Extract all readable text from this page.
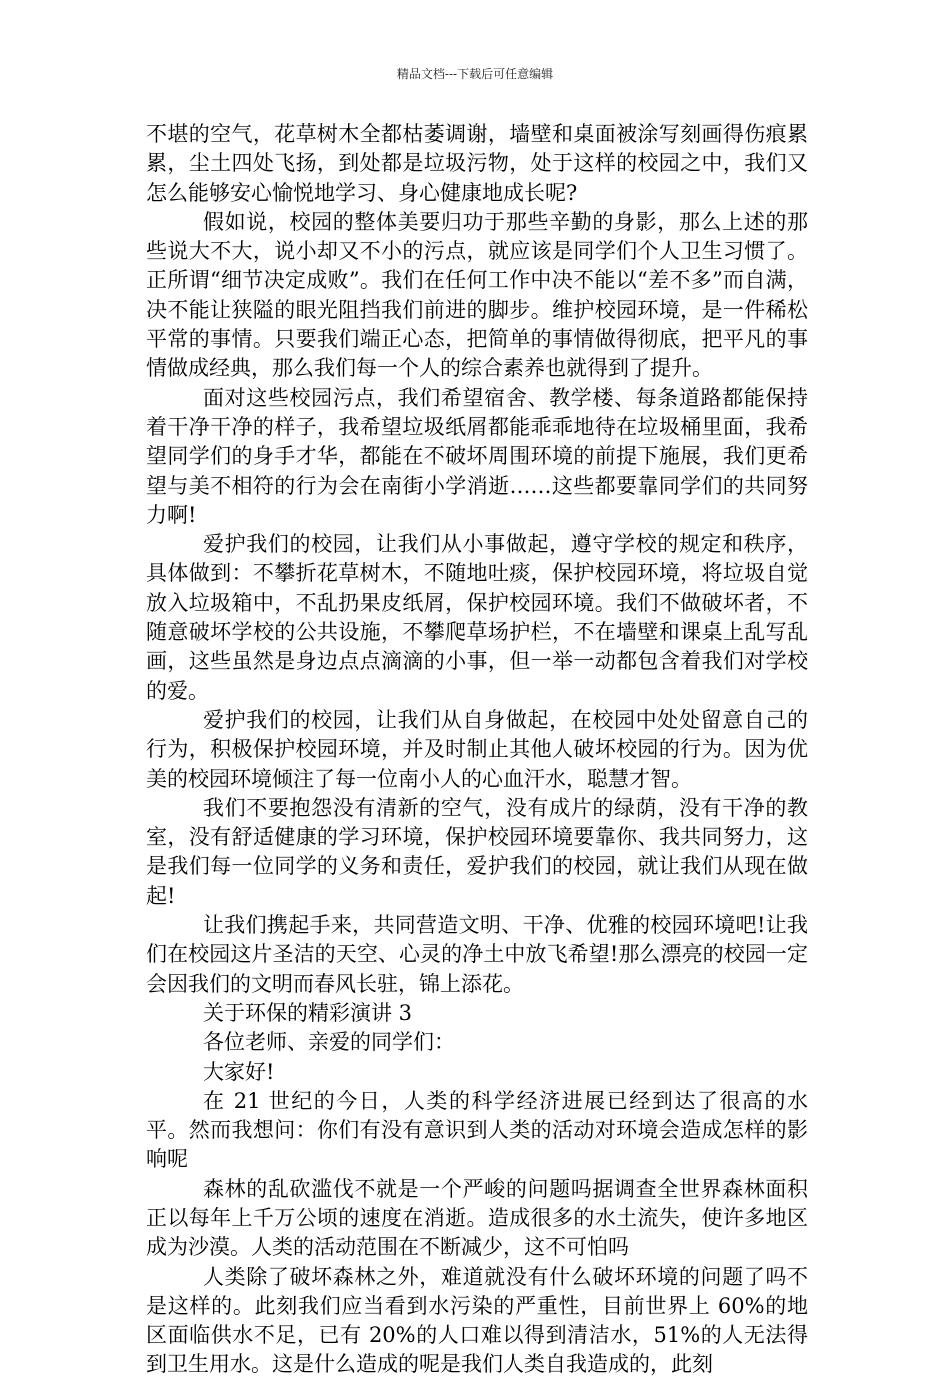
精品文档---下载后可任意编辑

不堪的空气，花草树木全都枯萎调谢，墙壁和桌面被涂写刻画得伤痕累累，尘土四处飞扬，到处都是垃圾污物，处于这样的校园之中，我们又怎么能够安心愉悦地学习、身心健康地成长呢?

假如说，校园的整体美要归功于那些辛勤的身影，那么上述的那些说大不大，说小却又不小的污点，就应该是同学们个人卫生习惯了。正所谓“细节决定成败”。我们在任何工作中决不能以“差不多”而自满，决不能让狭隘的眼光阻挡我们前进的脚步。维护校园环境，是一件稀松平常的事情。只要我们端正心态，把简单的事情做得彻底，把平凡的事情做成经典，那么我们每一个人的综合素养也就得到了提升。

面对这些校园污点，我们希望宿舍、教学楼、每条道路都能保持着干净干净的样子，我希望垃圾纸屑都能乖乖地待在垃圾桶里面，我希望同学们的身手才华，都能在不破坏周围环境的前提下施展，我们更希望与美不相符的行为会在南街小学消逝……这些都要靠同学们的共同努力啊!

爱护我们的校园，让我们从小事做起，遵守学校的规定和秩序，具体做到：不攀折花草树木，不随地吐痰，保护校园环境，将垃圾自觉放入垃圾箱中，不乱扔果皮纸屑，保护校园环境。我们不做破坏者，不随意破坏学校的公共设施，不攀爬草场护栏，不在墙壁和课桌上乱写乱画，这些虽然是身边点点滴滴的小事，但一举一动都包含着我们对学校的爱。

爱护我们的校园，让我们从自身做起，在校园中处处留意自己的行为，积极保护校园环境，并及时制止其他人破坏校园的行为。因为优美的校园环境倾注了每一位南小人的心血汗水，聪慧才智。

我们不要抱怨没有清新的空气，没有成片的绿荫，没有干净的教室，没有舒适健康的学习环境，保护校园环境要靠你、我共同努力，这是我们每一位同学的义务和责任，爱护我们的校园，就让我们从现在做起!

让我们携起手来，共同营造文明、干净、优雅的校园环境吧!让我们在校园这片圣洁的天空、心灵的净土中放飞希望!那么漂亮的校园一定会因我们的文明而春风长驻，锦上添花。

关于环保的精彩演讲 3

各位老师、亲爱的同学们：

大家好!

在 21 世纪的今日，人类的科学经济进展已经到达了很高的水平。然而我想问：你们有没有意识到人类的活动对环境会造成怎样的影响呢

森林的乱砍滥伐不就是一个严峻的问题吗据调查全世界森林面积正以每年上千万公顷的速度在消逝。造成很多的水土流失，使许多地区成为沙漠。人类的活动范围在不断减少，这不可怕吗

人类除了破坏森林之外，难道就没有什么破坏环境的问题了吗不是这样的。此刻我们应当看到水污染的严重性，目前世界上 60%的地区面临供水不足，已有 20%的人口难以得到清洁水，51%的人无法得到卫生用水。这是什么造成的呢是我们人类自我造成的，此刻
